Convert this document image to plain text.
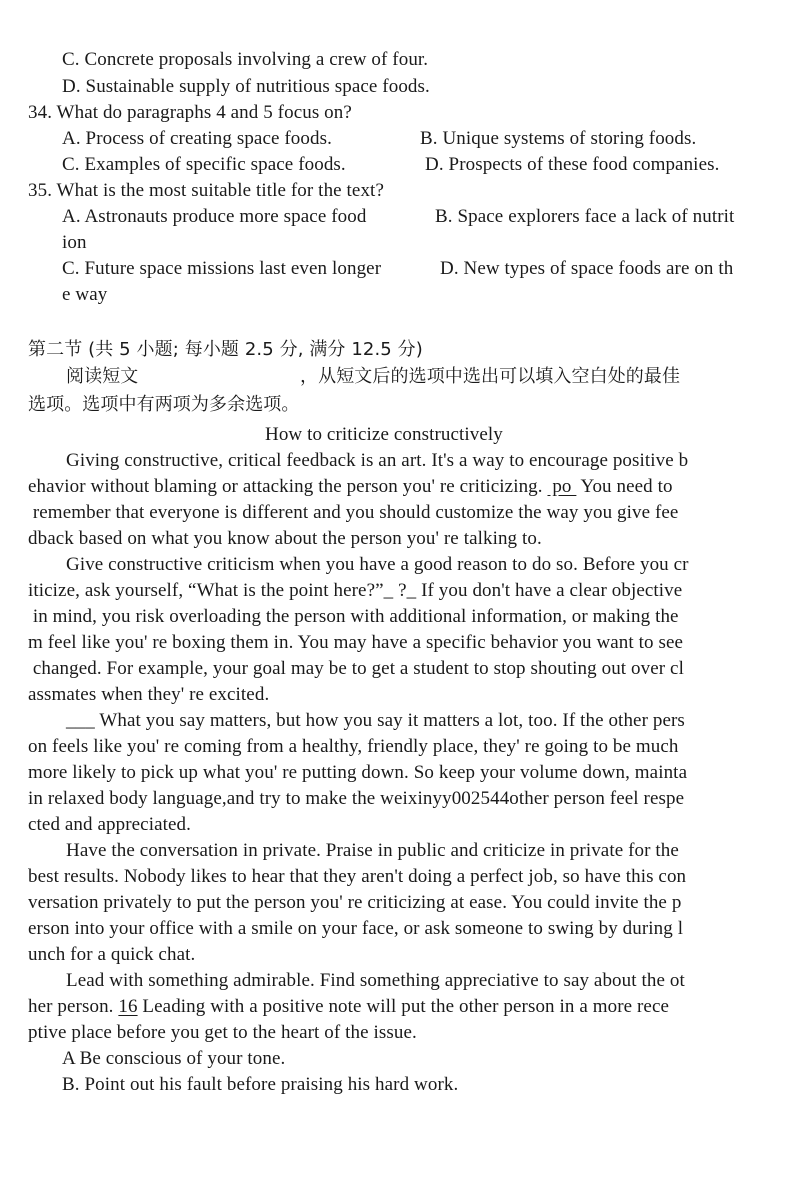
C. Concrete proposals involving a crew of four.
D. Sustainable supply of nutritious space foods.
34. What do paragraphs 4 and 5 focus on?
A. Process of creating space foods.	B. Unique systems of storing foods.
C. Examples of specific space foods.	D. Prospects of these food companies.
35. What is the most suitable title for the text?
A. Astronauts produce more space food	B. Space explorers face a lack of nutrit
ion
C. Future space missions last even longer	D. New types of space foods are on th
e way
第二节 (共 5 小题; 每小题 2.5 分, 满分 12.5 分)
阅读短文	，从短文后的选项中选出可以填入空白处的最佳
选项。选项中有两项为多余选项。
How to criticize constructively
Giving constructive, critical feedback is an art. It's a way to encourage positive b
ehavior without blaming or attacking the person you' re criticizing.  po  You need to
remember that everyone is different and you should customize the way you give fee
dback based on what you know about the person you' re talking to.
Give constructive criticism when you have a good reason to do so. Before you cr
iticize, ask yourself, “What is the point here?”_ ?_ If you don't have a clear objective
in mind, you risk overloading the person with additional information, or making the
m feel like you' re boxing them in. You may have a specific behavior you want to see
changed. For example, your goal may be to get a student to stop shouting out over cl
assmates when they' re excited.
___ What you say matters, but how you say it matters a lot, too. If the other pers
on feels like you' re coming from a healthy, friendly place, they' re going to be much
more likely to pick up what you' re putting down. So keep your volume down, mainta
in relaxed body language,and try to make the weixinyy002544other person feel respe
cted and appreciated.
Have the conversation in private. Praise in public and criticize in private for the
best results. Nobody likes to hear that they aren't doing a perfect job, so have this con
versation privately to put the person you' re criticizing at ease. You could invite the p
erson into your office with a smile on your face, or ask someone to swing by during l
unch for a quick chat.
Lead with something admirable. Find something appreciative to say about the ot
her person. 16 Leading with a positive note will put the other person in a more rece
ptive place before you get to the heart of the issue.
A Be conscious of your tone.
B. Point out his fault before praising his hard work.
